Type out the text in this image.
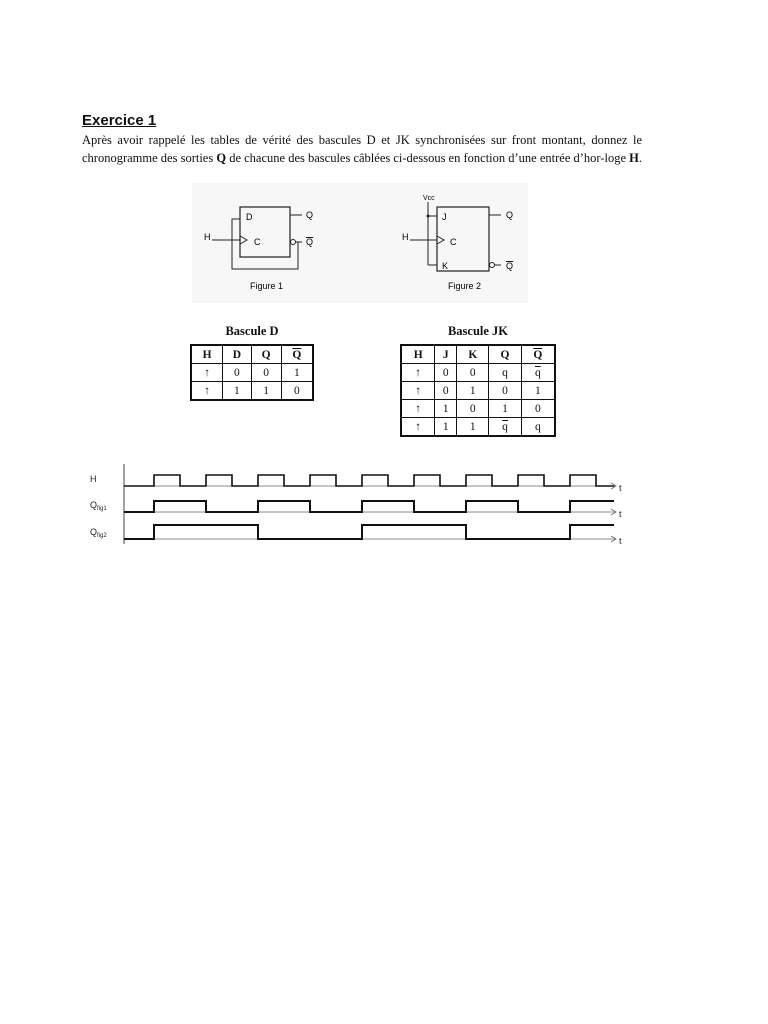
Exercice 1
Après avoir rappelé les tables de vérité des bascules D et JK synchronisées sur front montant, donnez le chronogramme des sorties Q de chacune des bascules câblées ci-dessous en fonction d’une entrée d’hor-loge H.
D
C
H
Q
Q
Figure 1
Vcc
J
C
K
H
Q
Q
Figure 2
Bascule D
H	D	Q	$\overline{Q}$
↑	0	0	1
↑	1	1	0
Bascule JK
H	J	K	Q	$\overline{Q}$
↑	0	0	q	$\overline{q}$
↑	0	1	0	1
↑	1	0	1	0
↑	1	1	$\overline{q}$	q
H
$Q_{fig1}$
$Q_{fig2}$
t
t
t
